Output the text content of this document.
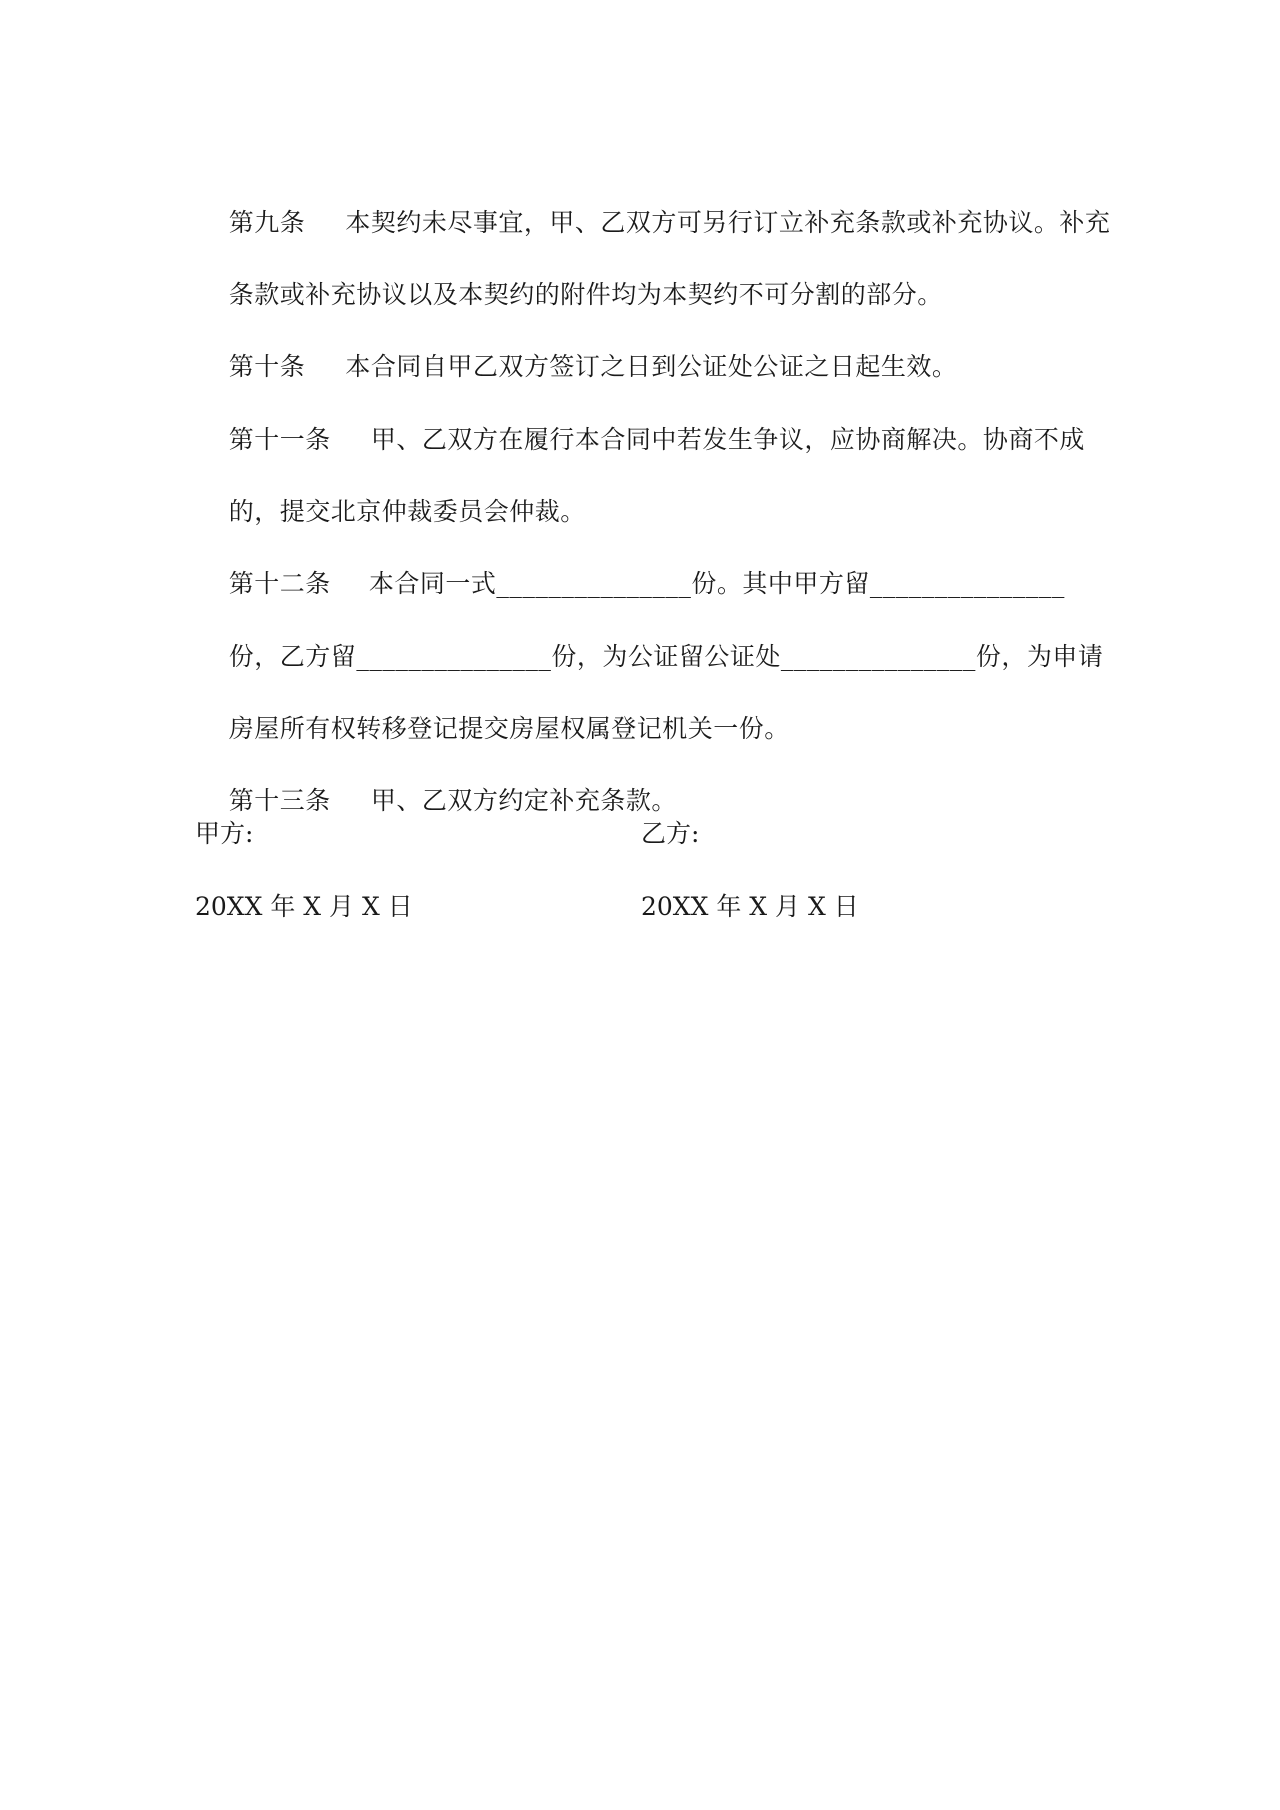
第九条 本契约未尽事宜，甲、乙双方可另行订立补充条款或补充协议。补充

条款或补充协议以及本契约的附件均为本契约不可分割的部分。

第十条 本合同自甲乙双方签订之日到公证处公证之日起生效。

第十一条 甲、乙双方在履行本合同中若发生争议，应协商解决。协商不成

的，提交北京仲裁委员会仲裁。

第十二条 本合同一式_______________份。其中甲方留_______________

份，乙方留_______________份，为公证留公证处_______________份，为申请

房屋所有权转移登记提交房屋权属登记机关一份。

第十三条 甲、乙双方约定补充条款。

甲方:	乙方:
20XX 年 X 月 X 日	20XX 年 X 月 X 日
